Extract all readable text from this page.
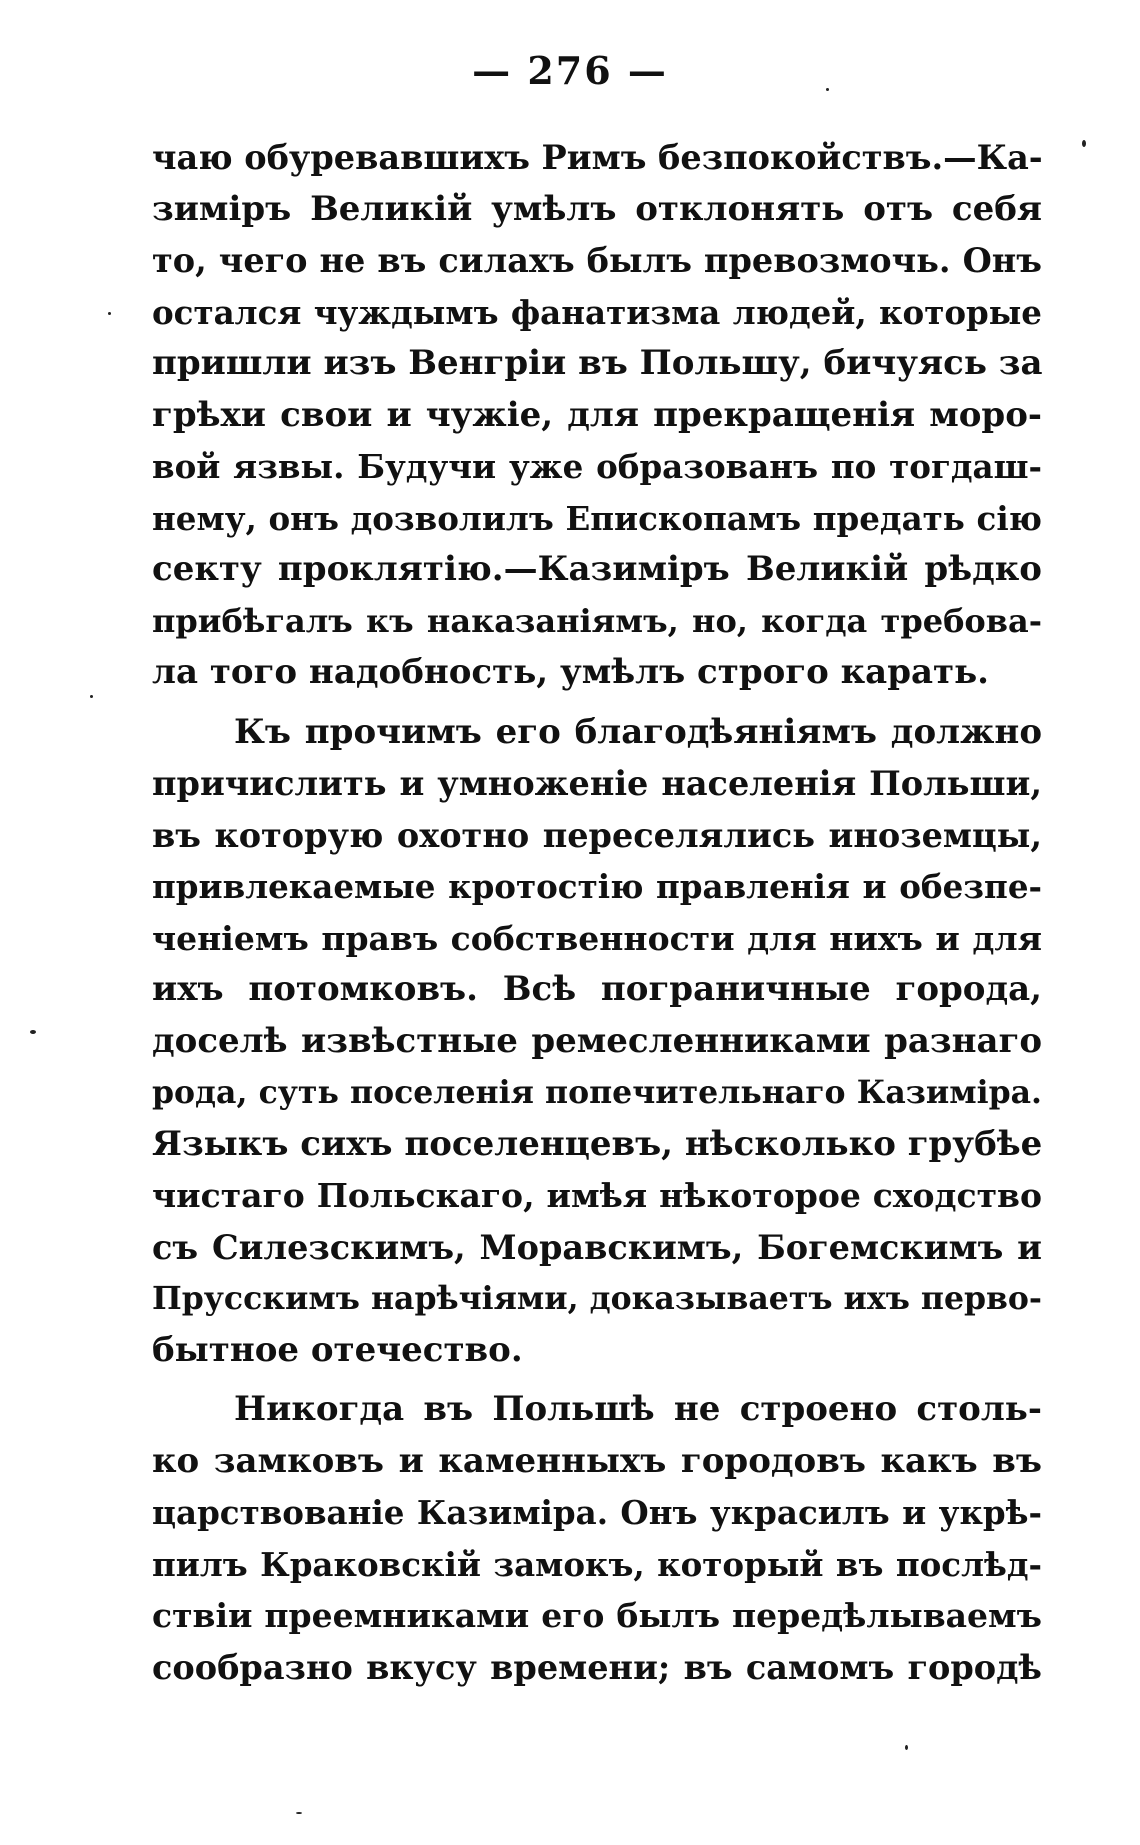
— 276 —
чаю обуревавшихъ Римъ безпокойствъ.—Ка-
зиміръ Великій умѣлъ отклонять отъ себя
то, чего не въ силахъ былъ превозмочь. Онъ
остался чуждымъ фанатизма людей, которые
пришли изъ Венгріи въ Польшу, бичуясь за
грѣхи свои и чужіе, для прекращенія моро-
вой язвы. Будучи уже образованъ по тогдаш-
нему, онъ дозволилъ Епископамъ предать сію
секту проклятію.—Казиміръ Великій рѣдко
прибѣгалъ къ наказаніямъ, но, когда требова-
ла того надобность, умѣлъ строго карать.
Къ прочимъ его благодѣяніямъ должно
причислить и умноженіе населенія Польши,
въ которую охотно переселялись иноземцы,
привлекаемые кротостію правленія и обезпе-
ченіемъ правъ собственности для нихъ и для
ихъ потомковъ. Всѣ пограничные города,
доселѣ извѣстные ремесленниками разнаго
рода, суть поселенія попечительнаго Казиміра.
Языкъ сихъ поселенцевъ, нѣсколько грубѣе
чистаго Польскаго, имѣя нѣкоторое сходство
съ Силезскимъ, Моравскимъ, Богемскимъ и
Прусскимъ нарѣчіями, доказываетъ ихъ перво-
бытное отечество.
Никогда въ Польшѣ не строено столь-
ко замковъ и каменныхъ городовъ какъ въ
царствованіе Казиміра. Онъ украсилъ и укрѣ-
пилъ Краковскій замокъ, который въ послѣд-
ствіи преемниками его былъ передѣлываемъ
сообразно вкусу времени; въ самомъ городѣ
